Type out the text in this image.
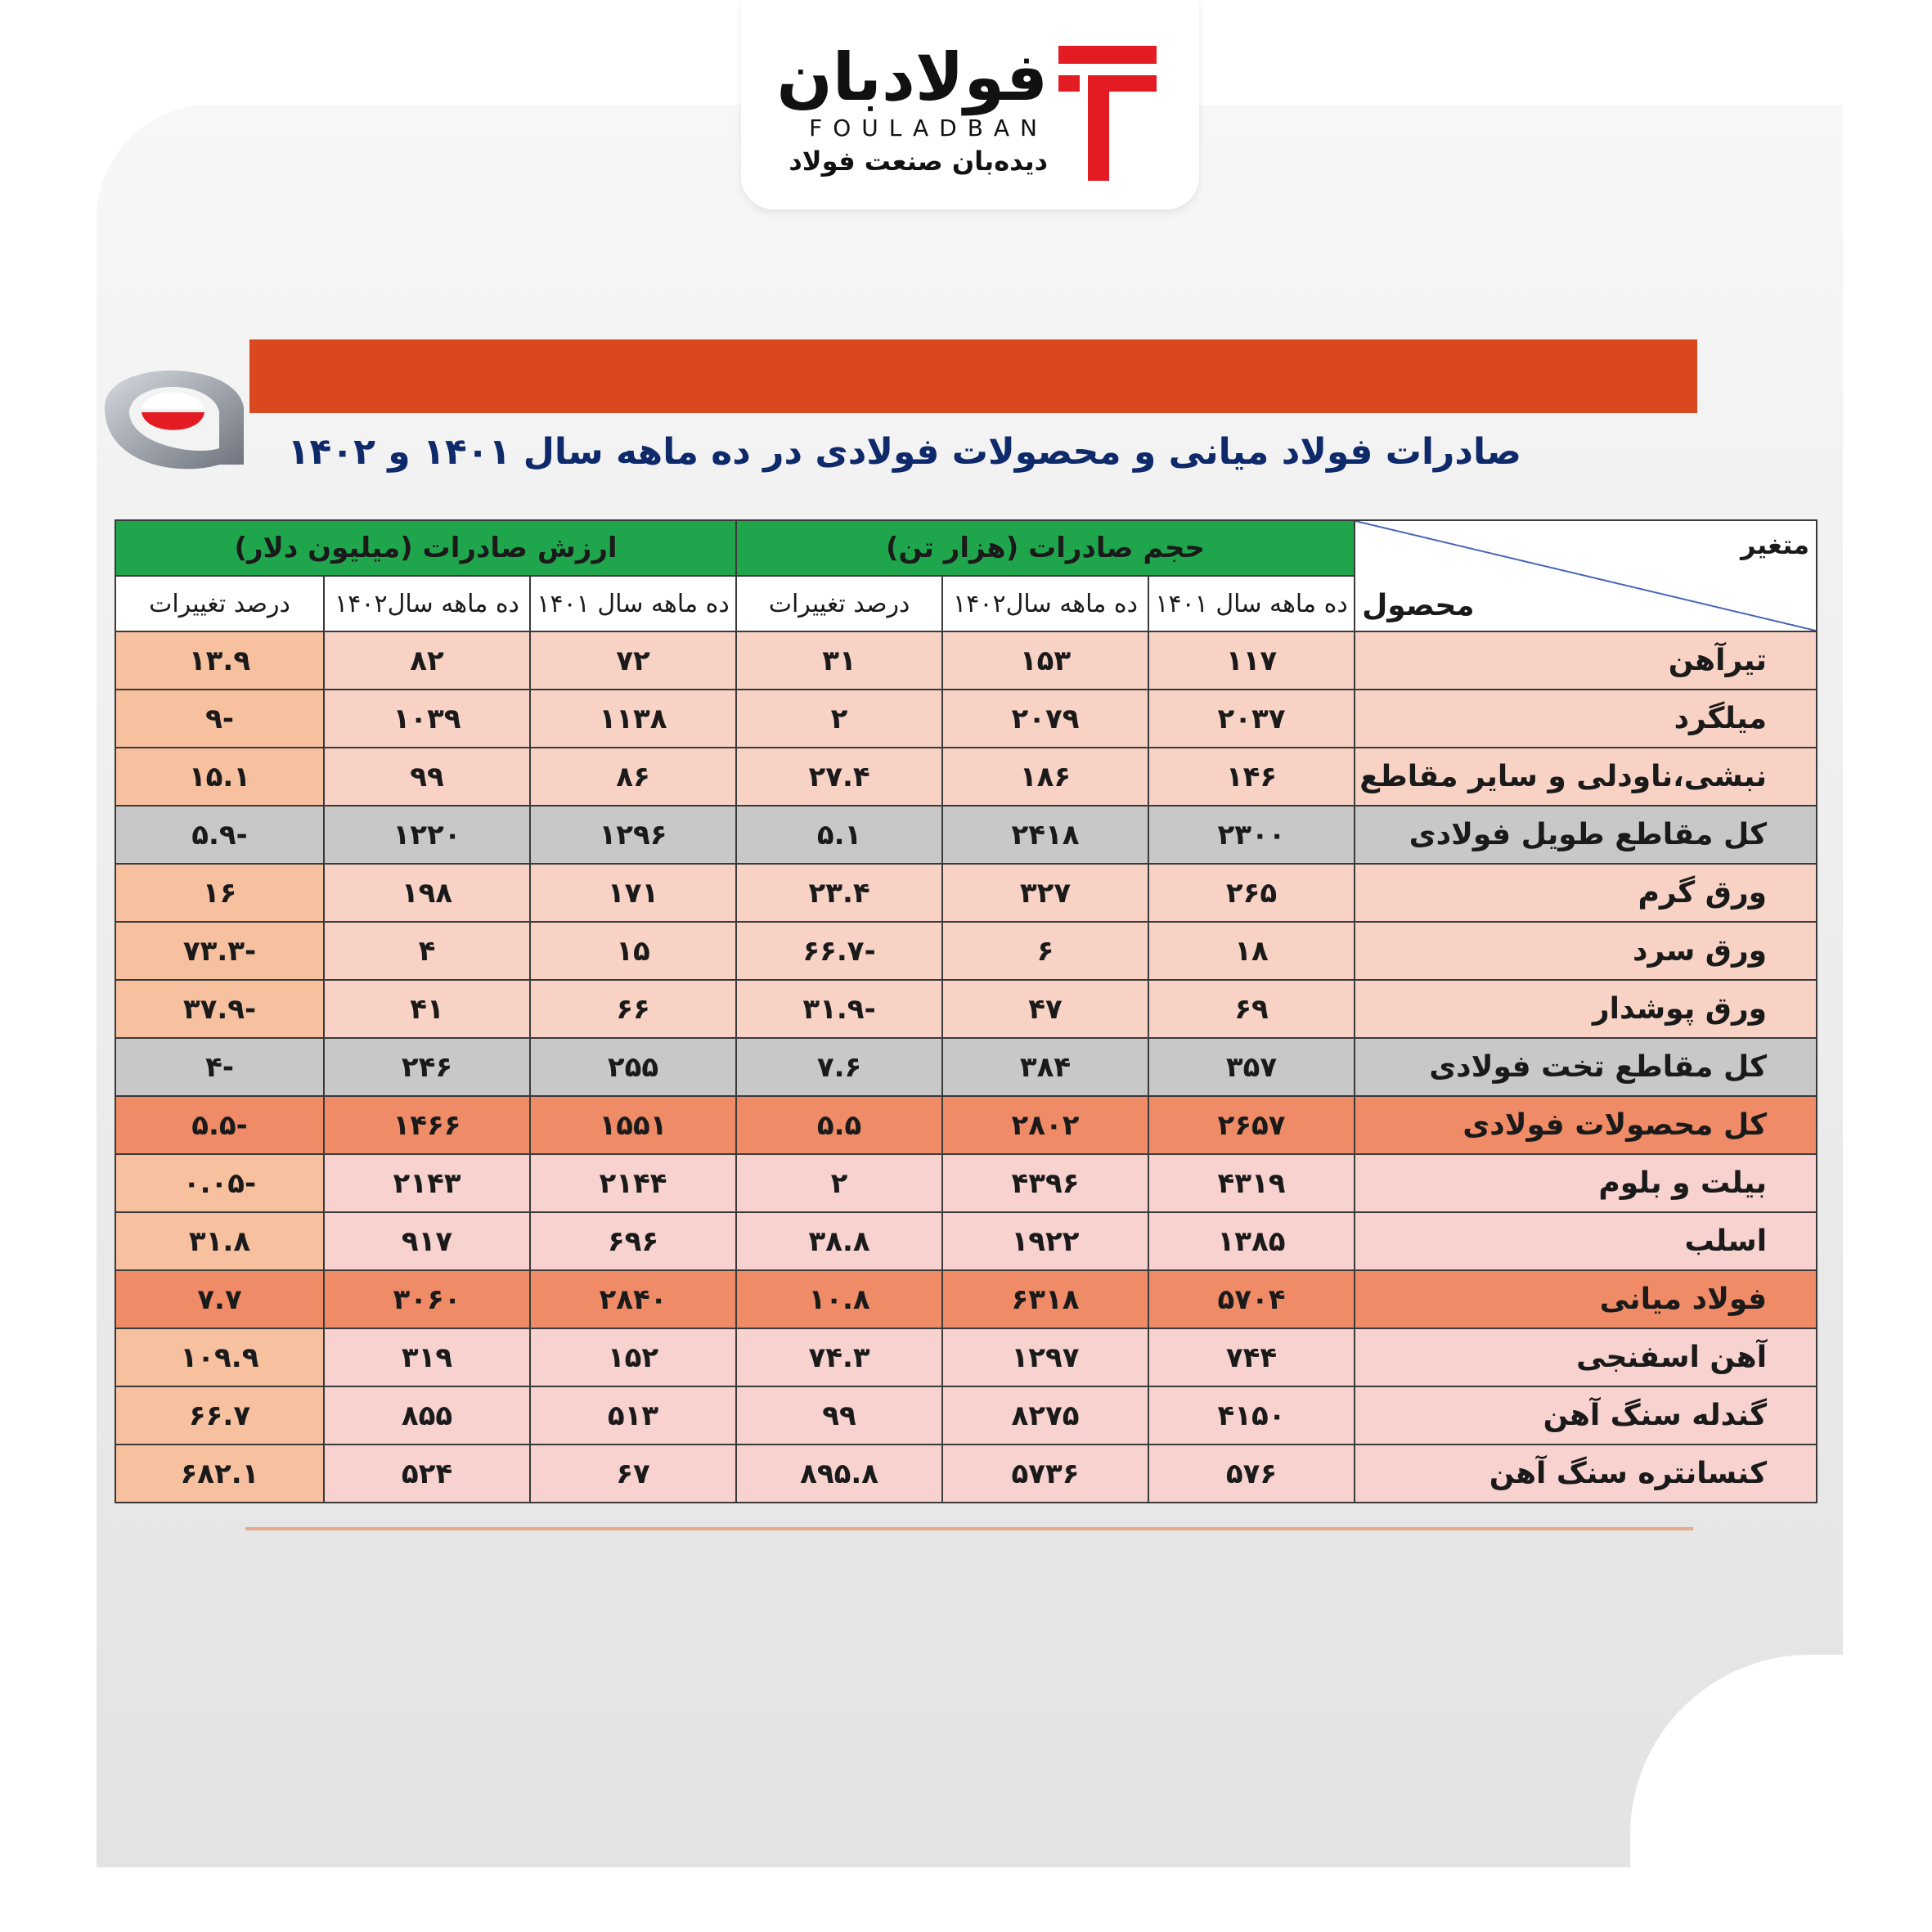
فولادبان
FOULADBAN
دیده‌بان صنعت فولاد
صادرات فولاد میانی و محصولات فولادی در ده ماهه سال ۱۴۰۱ و ۱۴۰۲
متغیر
محصول	حجم صادرات (هزار تن)			ارزش صادرات (میلیون دلار)		
	ده ماهه سال ۱۴۰۱	ده ماهه سال۱۴۰۲	درصد تغییرات	ده ماهه سال ۱۴۰۱	ده ماهه سال۱۴۰۲	درصد تغییرات
تیرآهن	۱۱۷	۱۵۳	۳۱	۷۲	۸۲	۱۳.۹
میلگرد	۲۰۳۷	۲۰۷۹	۲	۱۱۳۸	۱۰۳۹	-۹
نبشی،ناودلی و سایر مقاطع	۱۴۶	۱۸۶	۲۷.۴	۸۶	۹۹	۱۵.۱
کل مقاطع طویل فولادی	۲۳۰۰	۲۴۱۸	۵.۱	۱۲۹۶	۱۲۲۰	-۵.۹
ورق گرم	۲۶۵	۳۲۷	۲۳.۴	۱۷۱	۱۹۸	۱۶
ورق سرد	۱۸	۶	-۶۶.۷	۱۵	۴	-۷۳.۳
ورق پوشدار	۶۹	۴۷	-۳۱.۹	۶۶	۴۱	-۳۷.۹
کل مقاطع تخت فولادی	۳۵۷	۳۸۴	۷.۶	۲۵۵	۲۴۶	-۴
کل محصولات فولادی	۲۶۵۷	۲۸۰۲	۵.۵	۱۵۵۱	۱۴۶۶	-۵.۵
بیلت و بلوم	۴۳۱۹	۴۳۹۶	۲	۲۱۴۴	۲۱۴۳	-۰.۰۵
اسلب	۱۳۸۵	۱۹۲۲	۳۸.۸	۶۹۶	۹۱۷	۳۱.۸
فولاد میانی	۵۷۰۴	۶۳۱۸	۱۰.۸	۲۸۴۰	۳۰۶۰	۷.۷
آهن اسفنجی	۷۴۴	۱۲۹۷	۷۴.۳	۱۵۲	۳۱۹	۱۰۹.۹
گندله سنگ آهن	۴۱۵۰	۸۲۷۵	۹۹	۵۱۳	۸۵۵	۶۶.۷
کنسانتره سنگ آهن	۵۷۶	۵۷۳۶	۸۹۵.۸	۶۷	۵۲۴	۶۸۲.۱
